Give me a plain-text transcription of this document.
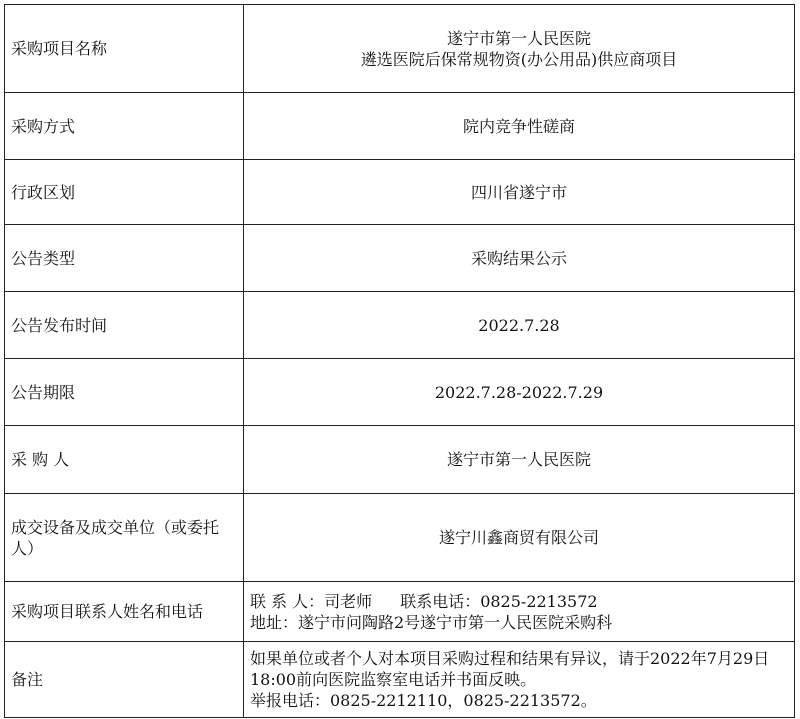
采购项目名称	遂宁市第一人民医院
遴选医院后保常规物资(办公用品)供应商项目

采购方式	院内竞争性磋商
行政区划	四川省遂宁市
公告类型	采购结果公示
公告发布时间	2022.7.28
公告期限	2022.7.28-2022.7.29
采 购 人	遂宁市第一人民医院
成交设备及成交单位（或委托人）	遂宁川鑫商贸有限公司
采购项目联系人姓名和电话	联 系 人：司老师 联系电话：0825-2213572
地址：遂宁市问陶路2号遂宁市第一人民医院采购科

备注	如果单位或者个人对本项目采购过程和结果有异议，请于2022年7月29日18:00前向医院监察室电话并书面反映。
举报电话：0825-2212110，0825-2213572。
